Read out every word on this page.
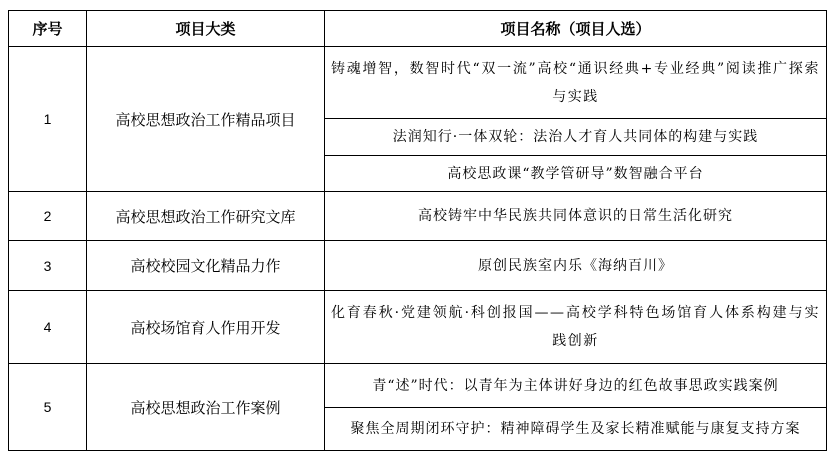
序号	项目大类	项目名称（项目人选）
1	高校思想政治工作精品项目	铸魂增智，数智时代“双一流”高校“通识经典+专业经典”阅读推广探索与实践
		法润知行·一体双轮：法治人才育人共同体的构建与实践
		高校思政课“教学管研导”数智融合平台
2	高校思想政治工作研究文库	高校铸牢中华民族共同体意识的日常生活化研究
3	高校校园文化精品力作	原创民族室内乐《海纳百川》
4	高校场馆育人作用开发	化育春秋·党建领航·科创报国——高校学科特色场馆育人体系构建与实践创新
5	高校思想政治工作案例	青“述”时代：以青年为主体讲好身边的红色故事思政实践案例
		聚焦全周期闭环守护：精神障碍学生及家长精准赋能与康复支持方案
